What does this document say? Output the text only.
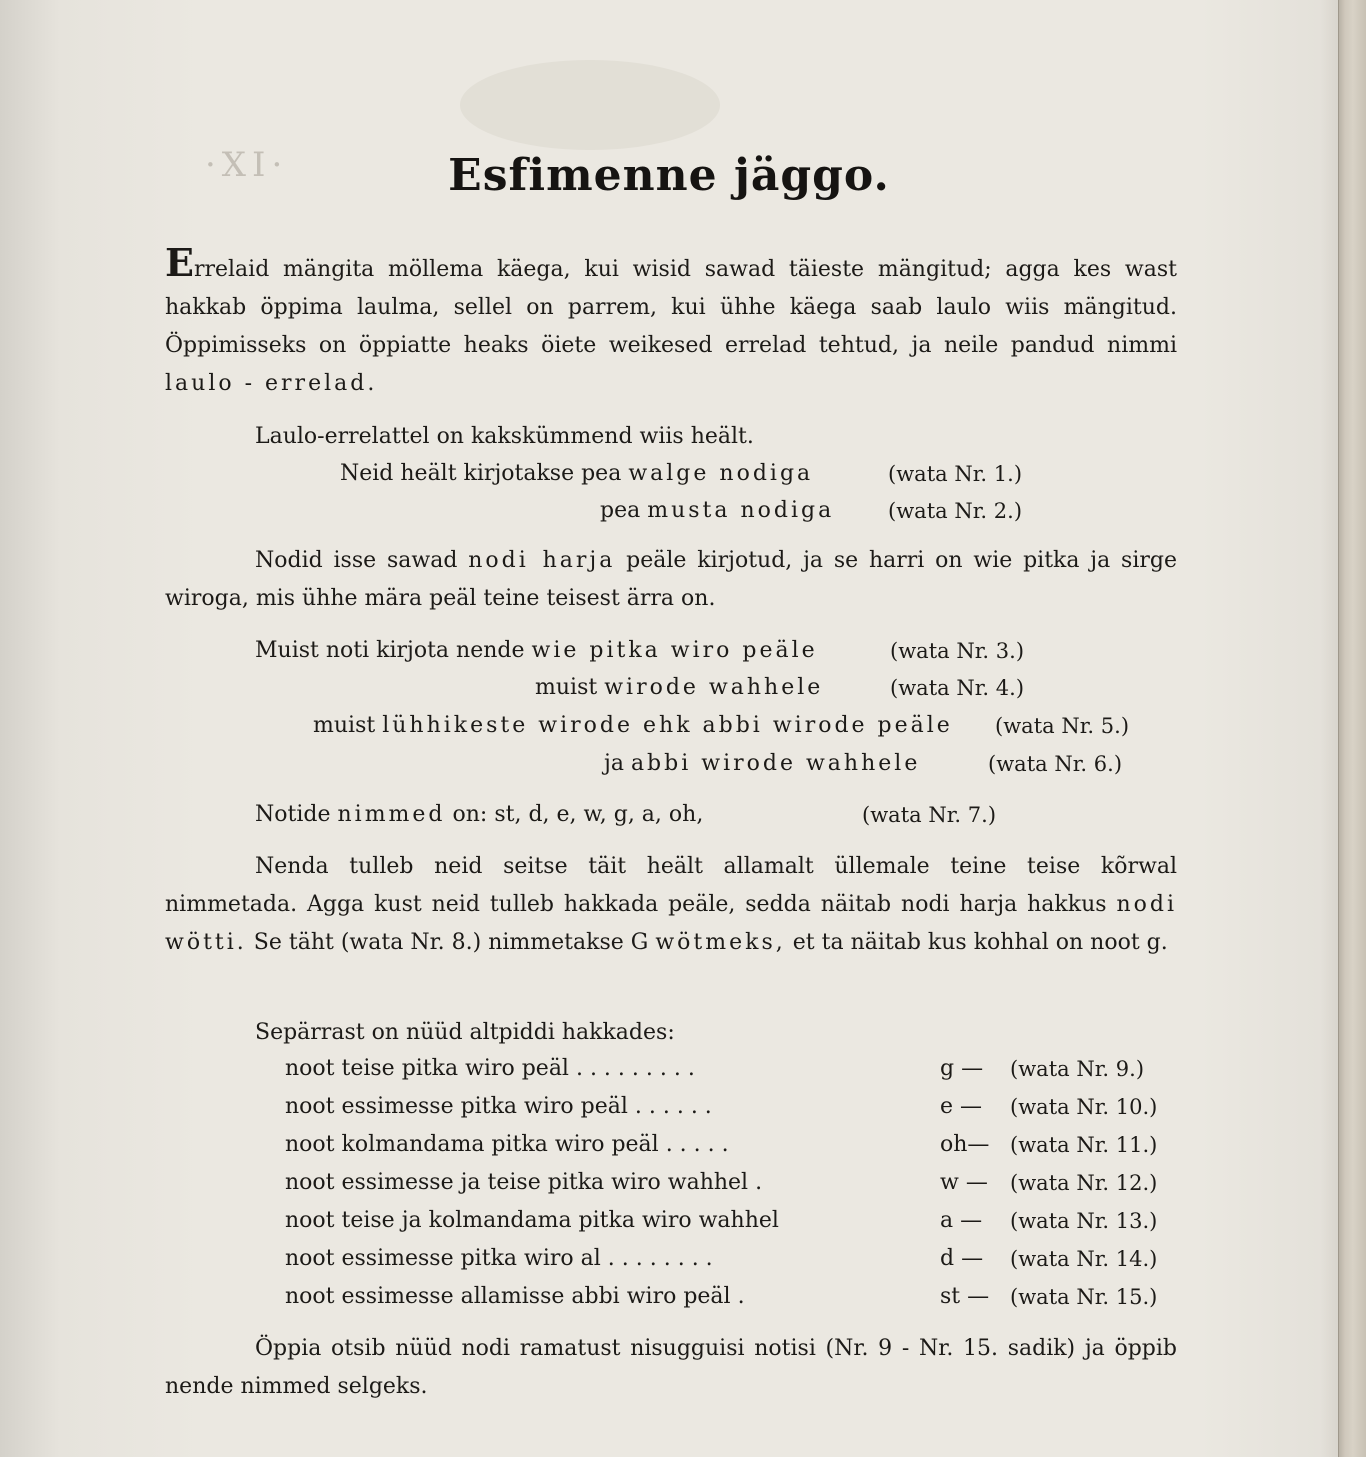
·XI·	Esfimenne jäggo.

Errelaid mängita möllema käega, kui wisid sawad täieste mängitud; agga kes wast hakkab öppima laulma, sellel on parrem, kui ühhe käega saab laulo wiis mängitud. Öppimisseks on öppiatte heaks öiete weikesed errelad tehtud, ja neile pandud nimmi laulo - errelad.

Laulo-errelattel on kakskümmend wiis heält.
Neid heält kirjotakse pea walge nodiga	(wata Nr. 1.)
pea musta nodiga	(wata Nr. 2.)

Nodid isse sawad nodi harja peäle kirjotud, ja se harri on wie pitka ja sirge wiroga, mis ühhe mära peäl teine teisest ärra on.

Muist noti kirjota nende wie pitka wiro peäle	(wata Nr. 3.)
muist wirode wahhele	(wata Nr. 4.)
muist lühhikeste wirode ehk abbi wirode peäle (wata Nr. 5.)
ja abbi wirode wahhele	(wata Nr. 6.)
Notide nimmed on: st, d, e, w, g, a, oh,	(wata Nr. 7.)

Nenda tulleb neid seitse täit heält allamalt üllemale teine teise kõrwal nimmetada. Agga kust neid tulleb hakkada peäle, sedda näitab nodi harja hakkus nodi wötti. Se täht (wata Nr. 8.) nimmetakse G wötmeks, et ta näitab kus kohhal on noot g.

Sepärrast on nüüd altpiddi hakkades:
noot teise pitka wiro peäl . . . . . . . . .	g — (wata Nr. 9.)
noot essimesse pitka wiro peäl . . . . . .	e — (wata Nr. 10.)
noot kolmandama pitka wiro peäl . . . . .	oh— (wata Nr. 11.)
noot essimesse ja teise pitka wiro wahhel .	w — (wata Nr. 12.)
noot teise ja kolmandama pitka wiro wahhel	a — (wata Nr. 13.)
noot essimesse pitka wiro al . . . . . . . .	d — (wata Nr. 14.)
noot essimesse allamisse abbi wiro peäl .	st — (wata Nr. 15.)

Öppia otsib nüüd nodi ramatust nisugguisi notisi (Nr. 9 - Nr. 15. sadik) ja öppib nende nimmed selgeks.
